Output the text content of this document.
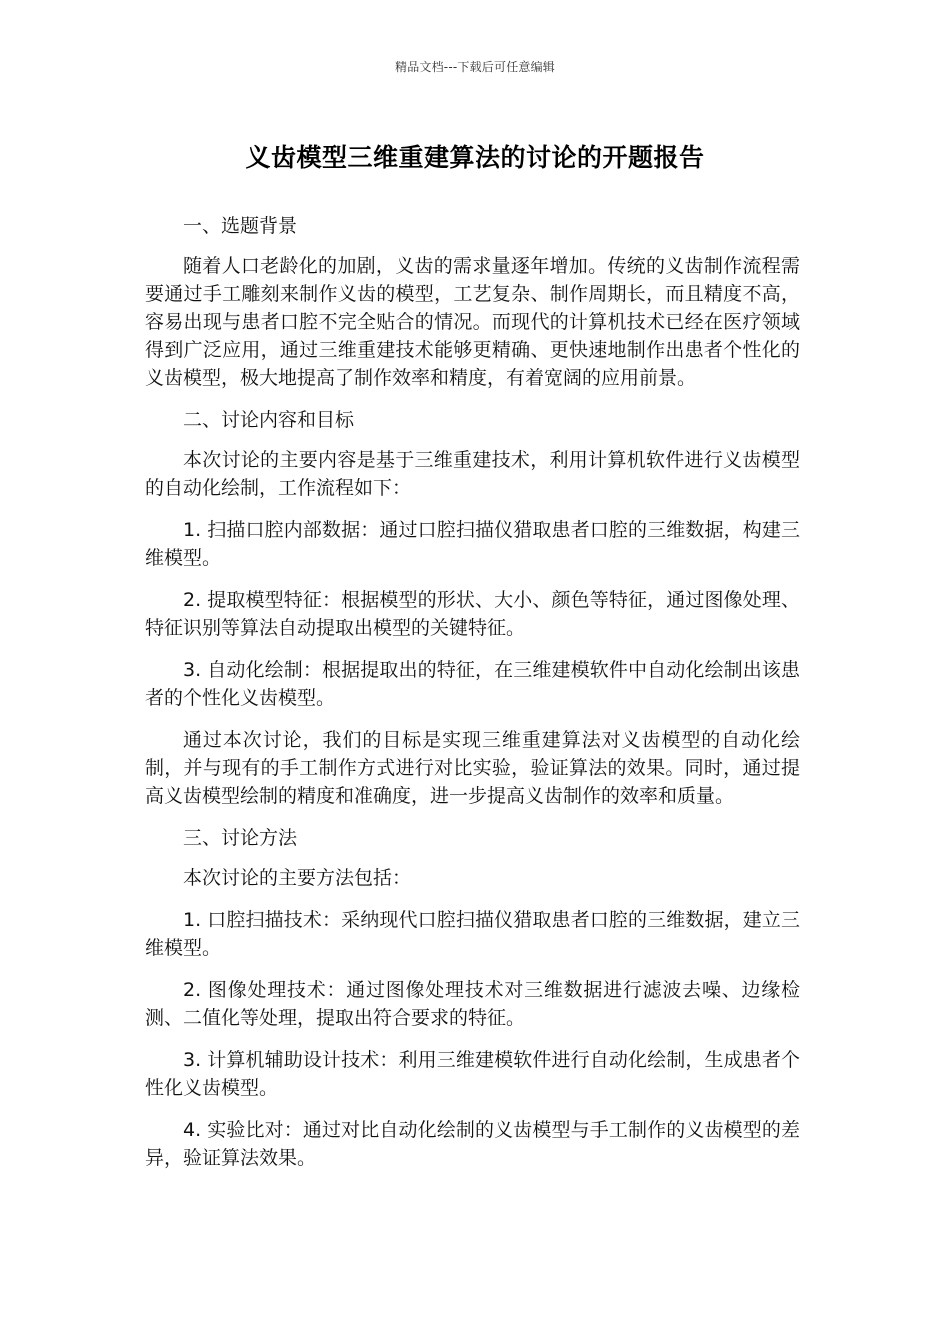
精品文档---下载后可任意编辑
义齿模型三维重建算法的讨论的开题报告

一、选题背景

随着人口老龄化的加剧，义齿的需求量逐年增加。传统的义齿制作流程需要通过手工雕刻来制作义齿的模型，工艺复杂、制作周期长，而且精度不高，容易出现与患者口腔不完全贴合的情况。而现代的计算机技术已经在医疗领域得到广泛应用，通过三维重建技术能够更精确、更快速地制作出患者个性化的义齿模型，极大地提高了制作效率和精度，有着宽阔的应用前景。

二、讨论内容和目标

本次讨论的主要内容是基于三维重建技术，利用计算机软件进行义齿模型的自动化绘制，工作流程如下：

1. 扫描口腔内部数据：通过口腔扫描仪猎取患者口腔的三维数据，构建三维模型。

2. 提取模型特征：根据模型的形状、大小、颜色等特征，通过图像处理、特征识别等算法自动提取出模型的关键特征。

3. 自动化绘制：根据提取出的特征，在三维建模软件中自动化绘制出该患者的个性化义齿模型。

通过本次讨论，我们的目标是实现三维重建算法对义齿模型的自动化绘制，并与现有的手工制作方式进行对比实验，验证算法的效果。同时，通过提高义齿模型绘制的精度和准确度，进一步提高义齿制作的效率和质量。

三、讨论方法

本次讨论的主要方法包括：

1. 口腔扫描技术：采纳现代口腔扫描仪猎取患者口腔的三维数据，建立三维模型。

2. 图像处理技术：通过图像处理技术对三维数据进行滤波去噪、边缘检测、二值化等处理，提取出符合要求的特征。

3. 计算机辅助设计技术：利用三维建模软件进行自动化绘制，生成患者个性化义齿模型。

4. 实验比对：通过对比自动化绘制的义齿模型与手工制作的义齿模型的差异，验证算法效果。
